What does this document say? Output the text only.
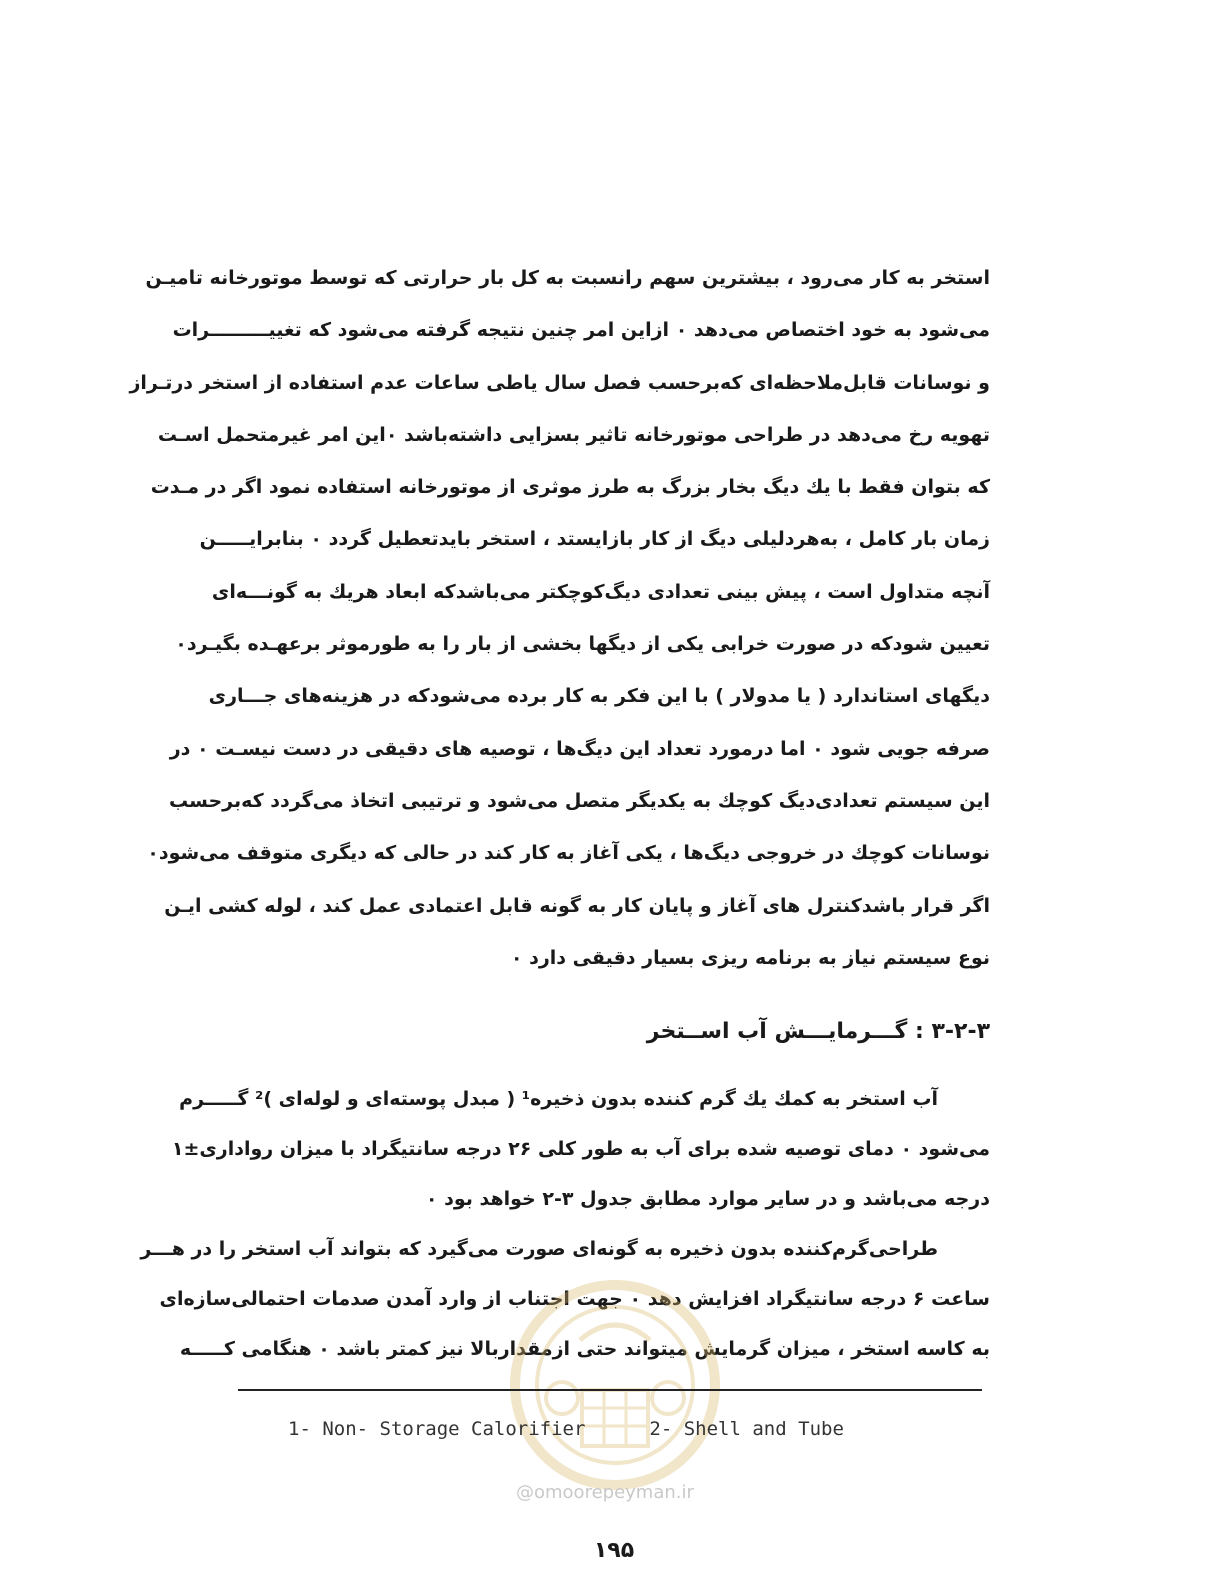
استخر به کار می‌رود ، بیشترین سهم رانسبت به کل بار حرارتی که توسط موتورخانه تامیـن
می‌شود به خود اختصاص می‌دهد ۰ ازاین امر چنین نتیجه گرفته می‌شود که تغییـــــــــرات
و نوسانات قابل‌ملاحظه‌ای که‌برحسب فصل سال یاطی ساعات عدم استفاده از استخر درتـراز
تهویه رخ می‌دهد در طراحی موتورخانه تاثیر بسزایی داشته‌باشد ۰این امر غیرمتحمل اسـت
که بتوان فقط با یك دیگ بخار بزرگ به طرز موثری از موتورخانه استفاده نمود اگر در مـدت
زمان بار کامل ، به‌هردلیلی دیگ از کار بازایستد ، استخر بایدتعطیل گردد ۰ بنابرایـــــن
آنچه متداول است ، پیش بینی تعدادی دیگ‌کوچکتر می‌باشدکه ابعاد هریك به گونـــه‌ای
تعیین شودکه در صورت خرابی یکی از دیگها بخشی از بار را به طورموثر برعهـده بگیـرد۰
دیگهای استاندارد ( یا مدولار ) با این فکر به کار برده می‌شودکه در هزینه‌های جـــاری
صرفه جویی شود ۰ اما درمورد تعداد این دیگ‌ها ، توصیه های دقیقی در دست نیسـت ۰ در
این سیستم تعدادی‌دیگ کوچك به یکدیگر متصل می‌شود و ترتیبی اتخاذ می‌گردد که‌برحسب
نوسانات کوچك در خروجی دیگ‌ها ، یکی آغاز به کار کند در حالی که دیگری متوقف می‌شود۰
اگر قرار باشدکنترل های آغاز و پایان کار به گونه قابل اعتمادی عمل کند ، لوله کشی ایـن
نوع سیستم نیاز به برنامه ریزی بسیار دقیقی دارد ۰
۳-۲-۳ : گـــرمایـــش آب اســتخر
آب استخر به کمك یك گرم کننده بدون ذخیره¹ ( مبدل پوسته‌ای و لوله‌ای )² گـــــرم
می‌شود ۰ دمای توصیه شده برای آب به طور کلی ۲۶ درجه سانتیگراد با میزان رواداری±۱
درجه می‌باشد و در سایر موارد مطابق جدول ۳-۲ خواهد بود ۰
طراحی‌گرم‌کننده بدون ذخیره به گونه‌ای صورت می‌گیرد که بتواند آب استخر را در هـــر
ساعت ۶ درجه سانتیگراد افزایش دهد ۰ جهت اجتناب از وارد آمدن صدمات احتمالی‌سازه‌ای
به کاسه استخر ، میزان گرمایش میتواند حتی ازمقداربالا نیز کمتر باشد ۰ هنگامی کـــــه
1- Non- Storage Calorifier	2- Shell and Tube
@omoorepeyman.ir
۱۹۵
